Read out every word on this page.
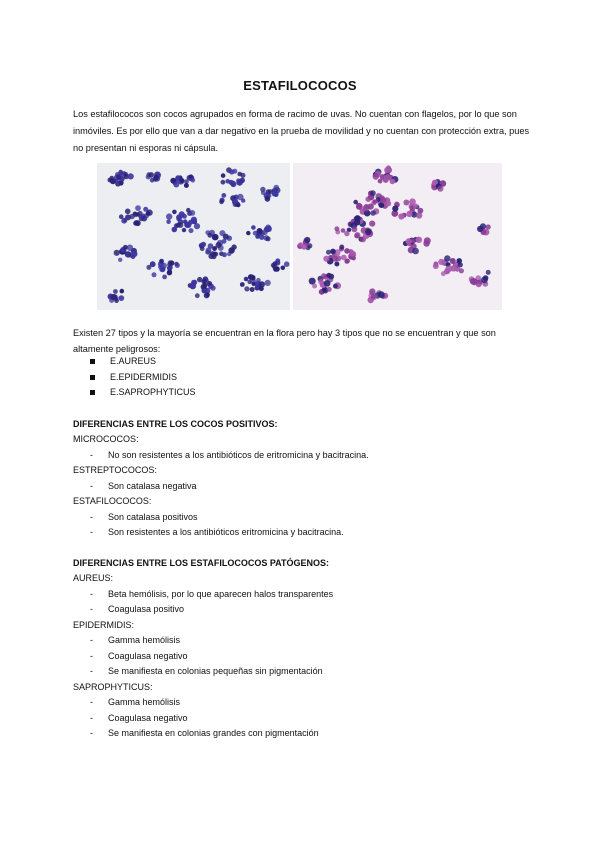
ESTAFILOCOCOS
Los estafilococos son cocos agrupados en forma de racimo de uvas. No cuentan con flagelos, por lo que son inmóviles. Es por ello que van a dar negativo en la prueba de movilidad y no cuentan con protección extra, pues no presentan ni esporas ni cápsula.
Existen 27 tipos y la mayoría se encuentran en la flora pero hay 3 tipos que no se encuentran y que son altamente peligrosos:
E.AUREUS
E.EPIDERMIDIS
E.SAPROPHYTICUS
DIFERENCIAS ENTRE LOS COCOS POSITIVOS:
MICROCOCOS:
- No son resistentes a los antibióticos de eritromicina y bacitracina.
ESTREPTOCOCOS:
- Son catalasa negativa
ESTAFILOCOCOS:
- Son catalasa positivos
- Son resistentes a los antibióticos eritromicina y bacitracina.
DIFERENCIAS ENTRE LOS ESTAFILOCOCOS PATÓGENOS:
AUREUS:
- Beta hemólisis, por lo que aparecen halos transparentes
- Coagulasa positivo
EPIDERMIDIS:
- Gamma hemólisis
- Coagulasa negativo
- Se manifiesta en colonias pequeñas sin pigmentación
SAPROPHYTICUS:
- Gamma hemólisis
- Coagulasa negativo
- Se manifiesta en colonias grandes con pigmentación
